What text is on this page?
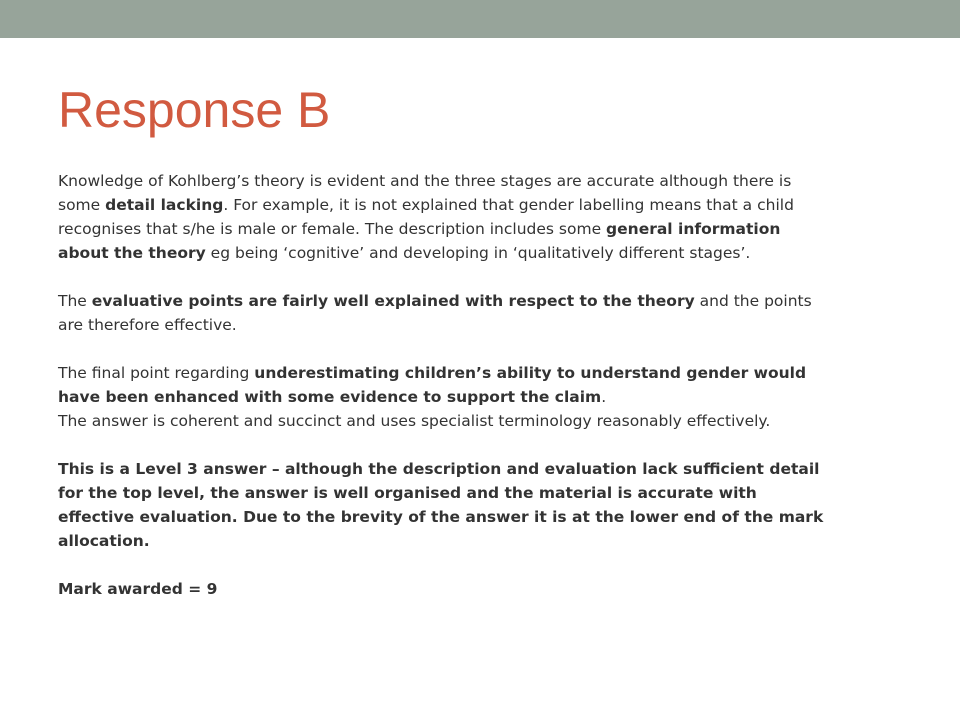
Response B

Knowledge of Kohlberg’s theory is evident and the three stages are accurate although there is some detail lacking. For example, it is not explained that gender labelling means that a child recognises that s/he is male or female. The description includes some general information about the theory eg being ‘cognitive’ and developing in ‘qualitatively different stages’.

The evaluative points are fairly well explained with respect to the theory and the points are therefore effective.

The final point regarding underestimating children’s ability to understand gender would have been enhanced with some evidence to support the claim.

The answer is coherent and succinct and uses specialist terminology reasonably effectively.

This is a Level 3 answer – although the description and evaluation lack sufficient detail for the top level, the answer is well organised and the material is accurate with effective evaluation. Due to the brevity of the answer it is at the lower end of the mark allocation.

Mark awarded = 9
